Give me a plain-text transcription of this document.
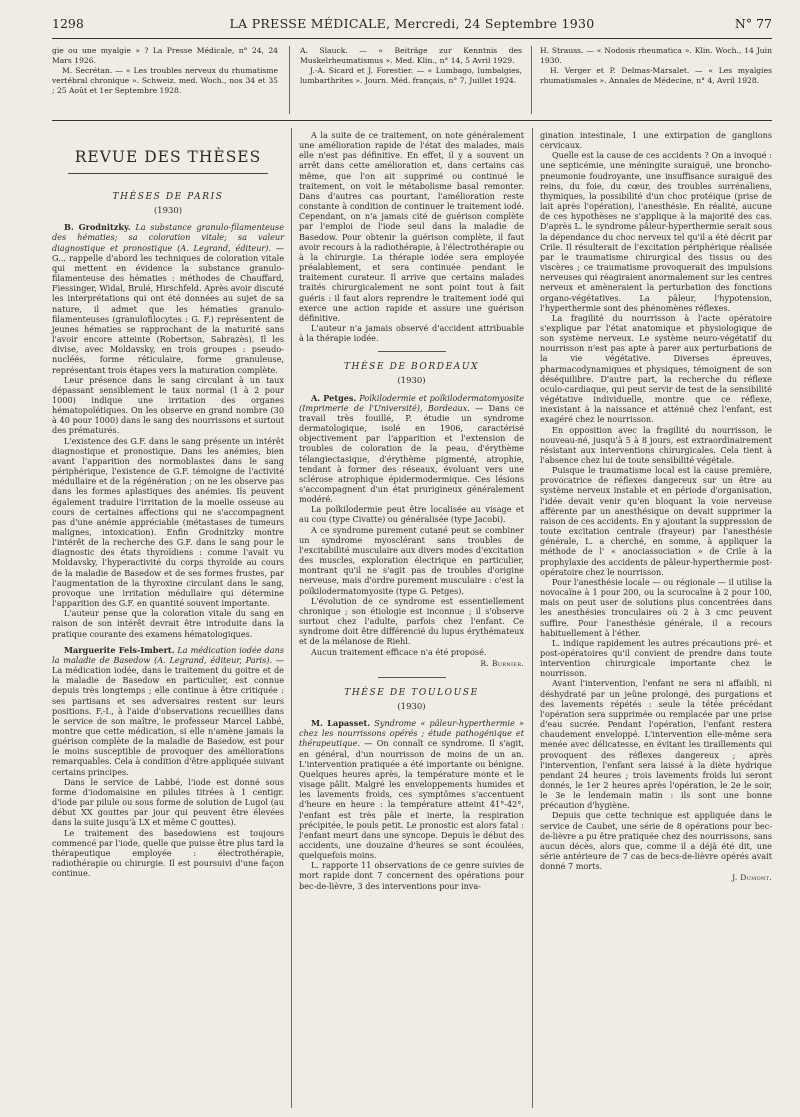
1298	LA PRESSE MÉDICALE, Mercredi, 24 Septembre 1930	N° 77

gie ou une myalgie » ? La Presse Médicale, n° 24, 24 Mars 1926.

M. Secrétan. — « Les troubles nerveux du rhumatisme vertébral chronique ». Schweiz. med. Woch., nos 34 et 35 ; 25 Août et 1er Septembre 1928.

A. Slauck. — « Beiträge zur Kenntnis des Muskelrheumatismus ». Med. Klin., n° 14, 5 Avril 1929.

J.-A. Sicard et J. Forestier. — « Lumbago, lumbalgies, lumbarthrites ». Journ. Méd. français, n° 7, Juillet 1924.

H. Strauss. — « Nodosis rheumatica ». Klin. Woch., 14 Juin 1930.

H. Verger et P. Delmas-Marsalet. — « Les myalgies rhumatismales ». Annales de Médecine, n° 4, Avril 1928.

REVUE DES THÈSES
THÈSES DE PARIS
(1930)

B. Grodnitzky. La substance granulo-filamenteuse des hématies; sa coloration vitale; sa valeur diagnostique et pronostique (A. Legrand, éditeur). — G... rappelle d'abord les techniques de coloration vitale qui mettent en évidence la substance granulo-filamenteuse des hématies : méthodes de Chauffard, Fiessinger, Widal, Brulé, Hirschfeld. Après avoir discuté les interprétations qui ont été données au sujet de sa nature, il admet que les hématies granulo-filamenteuses (granulofilocytes : G. F.) représentent de jeunes hématies se rapprochant de la maturité sans l'avoir encore atteinte (Robertson, Sabrazès). Il les divise, avec Moldavsky, en trois groupes : pseudo-nucléés, forme réticulaire, forme granuleuse, représentant trois étapes vers la maturation complète.

Leur présence dans le sang circulant à un taux dépassant sensiblement le taux normal (1 à 2 pour 1000) indique une irritation des organes hématopoïétiques. On les observe en grand nombre (30 à 40 pour 1000) dans le sang des nourrissons et surtout des prématurés.

L'existence des G.F. dans le sang présente un intérêt diagnostique et pronostique. Dans les anémies, bien avant l'apparition des normoblastes dans le sang périphérique, l'existence de G.F. témoigne de l'activité médullaire et de la régénération ; on ne les observe pas dans les formes aplastiques des anémies. Ils peuvent également traduire l'irritation de la moelle osseuse au cours de certaines affections qui ne s'accompagnent pas d'une anémie appréciable (métastases de tumeurs malignes, intoxication). Enfin Grodnitzky montre l'intérêt de la recherche des G.F. dans le sang pour le diagnostic des états thyroïdiens : comme l'avait vu Moldavsky, l'hyperactivité du corps thyroïde au cours de la maladie de Basedow et de ses formes frustes, par l'augmentation de la thyroxine circulant dans le sang, provoque une irritation médullaire qui détermine l'apparition des G.F. en quantité souvent importante.

L'auteur pense que la coloration vitale du sang en raison de son intérêt devrait être introduite dans la pratique courante des examens hématologiques.

Marguerite Fels-Imbert. La médication iodée dans la maladie de Basedow (A. Legrand, éditeur, Paris). — La médication iodée, dans le traitement du goitre et de la maladie de Basedow en particulier, est connue depuis très longtemps ; elle continue à être critiquée : ses partisans et ses adversaires restent sur leurs positions. F.-I., à l'aide d'observations recueillies dans le service de son maître, le professeur Marcel Labbé, montre que cette médication, si elle n'amène jamais la guérison complète de la maladie de Basedow, est pour le moins susceptible de provoquer des améliorations remarquables. Cela à condition d'être appliquée suivant certains principes.

Dans le service de Labbé, l'iode est donné sous forme d'iodomaisine en pilules titrées à 1 centigr. d'iode par pilule ou sous forme de solution de Lugol (au début XX gouttes par jour qui peuvent être élevées dans la suite jusqu'à LX et même C gouttes).

Le traitement des basedowiens est toujours commencé par l'iode, quelle que puisse être plus tard la thérapeutique employée : électrothérapie, radiothérapie ou chirurgie. Il est poursuivi d'une façon continue.

A la suite de ce traitement, on note généralement une amélioration rapide de l'état des malades, mais elle n'est pas définitive. En effet, il y a souvent un arrêt dans cette amélioration et, dans certains cas même, que l'on ait supprimé ou continué le traitement, on voit le métabolisme basal remonter. Dans d'autres cas pourtant, l'amélioration reste constante à condition de continuer le traitement iodé. Cependant, on n'a jamais cité de guérison complète par l'emploi de l'iode seul dans la maladie de Basedow. Pour obtenir la guérison complète, il faut avoir recours à la radiothérapie, à l'électrothérapie ou à la chirurgie. La thérapie iodée sera employée préalablement, et sera continuée pendant le traitement curateur. Il arrive que certains malades traités chirurgicalement ne sont point tout à fait guéris : il faut alors reprendre le traitement iodé qui exerce une action rapide et assure une guérison définitive.

L'auteur n'a jamais observé d'accident attribuable à la thérapie iodée.

THÈSE DE BORDEAUX
(1930)

A. Petges. Poïkilodermie et poïkilodermatomyosite (Imprimerie de l'Université), Bordeaux. — Dans ce travail très fouillé, P. étudie un syndrome dermatologique, isolé en 1906, caractérisé objectivement par l'apparition et l'extension de troubles de coloration de la peau, d'érythème télangiectasique, d'érythème pigmenté, atrophie, tendant à former des réseaux, évoluant vers une sclérose atrophique épidermodermique. Ces lésions s'accompagnent d'un état prurigineux généralement modéré.

La poïkilodermie peut être localisée au visage et au cou (type Civatte) ou généralisée (type Jacobi).

A ce syndrome purement cutané peut se combiner un syndrome myosclérant sans troubles de l'excitabilité musculaire aux divers modes d'excitation des muscles, exploration électrique en particulier, montrant qu'il ne s'agit pas de troubles d'origine nerveuse, mais d'ordre purement musculaire : c'est la poïkilodermatomyosite (type G. Petges).

L'évolution de ce syndrome est essentiellement chronique ; son étiologie est inconnue ; il s'observe surtout chez l'adulte, parfois chez l'enfant. Ce syndrome doit être différencié du lupus érythémateux et de la mélanose de Riehl.

Aucun traitement efficace n'a été proposé.

R. Burnier.

THÈSE DE TOULOUSE
(1930)

M. Lapasset. Syndrome « pâleur-hyperthermie » chez les nourrissons opérés ; étude pathogénique et thérapeutique. — On connaît ce syndrome. Il s'agit, en général, d'un nourrisson de moins de un an. L'intervention pratiquée a été importante ou bénigne. Quelques heures après, la température monte et le visage pâlit. Malgré les enveloppements humides et les lavements froids, ces symptômes s'accentuent d'heure en heure : la température atteint 41°-42°, l'enfant est très pâle et inerte, la respiration précipitée, le pouls petit. Le pronostic est alors fatal : l'enfant meurt dans une syncope. Depuis le début des accidents, une douzaine d'heures se sont écoulées, quelquefois moins.

L. rapporte 11 observations de ce genre suivies de mort rapide dont 7 concernent des opérations pour bec-de-lièvre, 3 des interventions pour inva-

gination intestinale, 1 une extirpation de ganglions cervicaux.

Quelle est la cause de ces accidents ? On a invoqué : une septicémie, une méningite suraiguë, une broncho-pneumonie foudroyante, une insuffisance suraiguë des reins, du foie, du cœur, des troubles surrénaliens, thymiques, la possibilité d'un choc protéique (prise de lait après l'opération), l'anesthésie. En réalité, aucune de ces hypothèses ne s'applique à la majorité des cas. D'après L. le syndrome pâleur-hyperthermie serait sous la dépendance du choc nerveux tel qu'il a été décrit par Crile. Il résulterait de l'excitation périphérique réalisée par le traumatisme chirurgical des tissus ou des viscères ; ce traumatisme provoquerait des impulsions nerveuses qui réagiraient anormalement sur les centres nerveux et amèneraient la perturbation des fonctions organo-végétatives. La pâleur, l'hypotension, l'hyperthermie sont des phénomènes réflexes.

La fragilité du nourrisson à l'acte opératoire s'explique par l'état anatomique et physiologique de son système nerveux. Le système neuro-végétatif du nourrisson n'est pas apte à parer aux perturbations de la vie végétative. Diverses épreuves, pharmacodynamiques et physiques, témoignent de son déséquilibre. D'autre part, la recherche du réflexe oculo-cardiaque, qui peut servir de test de la sensibilité végétative individuelle, montre que ce réflexe, inexistant à la naissance et atténué chez l'enfant, est exagéré chez le nourrisson.

En opposition avec la fragilité du nourrisson, le nouveau-né, jusqu'à 5 à 8 jours, est extraordinairement résistant aux interventions chirurgicales. Cela tient à l'absence chez lui de toute sensibilité végétale.

Puisque le traumatisme local est la cause première, provocatrice de réflexes dangereux sur un être au système nerveux instable et en période d'organisation, l'idée devait venir qu'en bloquant la voie nerveuse afférente par un anesthésique on devait supprimer la raison de ces accidents. En y ajoutant la suppression de toute excitation centrale (frayeur) par l'anesthésie générale, L. a cherché, en somme, à appliquer la méthode de l' « anociassociation » de Crile à la prophylaxie des accidents de pâleur-hyperthermie post-opératoire chez le nourrisson.

Pour l'anesthésie locale — ou régionale — il utilise la novocaïne à 1 pour 200, ou la scurocaïne à 2 pour 100, mais on peut user de solutions plus concentrées dans les anesthésies tronculaires où 2 à 3 cmc peuvent suffire. Pour l'anesthésie générale, il a recours habituellement à l'éther.

L. indique rapidement les autres précautions pré- et post-opératoires qu'il convient de prendre dans toute intervention chirurgicale importante chez le nourrisson.

Avant l'intervention, l'enfant ne sera ni affaibli, ni déshydraté par un jeûne prolongé, des purgations et des lavements répétés : seule la tétée précédant l'opération sera supprimée ou remplacée par une prise d'eau sucrée. Pendant l'opération, l'enfant restera chaudement enveloppé. L'intervention elle-même sera menée avec délicatesse, en évitant les tiraillements qui provoquent des réflexes dangereux ; après l'intervention, l'enfant sera laissé à la diète hydrique pendant 24 heures ; trois lavements froids lui seront donnés, le 1er 2 heures après l'opération, le 2e le soir, le 3e le lendemain matin : ils sont une bonne précaution d'hygiène.

Depuis que cette technique est appliquée dans le service de Caubet, une série de 8 opérations pour bec-de-lièvre a pu être pratiquée chez des nourrissons, sans aucun décès, alors que, comme il a déjà été dit, une série antérieure de 7 cas de becs-de-lièvre opérés avait donné 7 morts.

J. Dumont.
